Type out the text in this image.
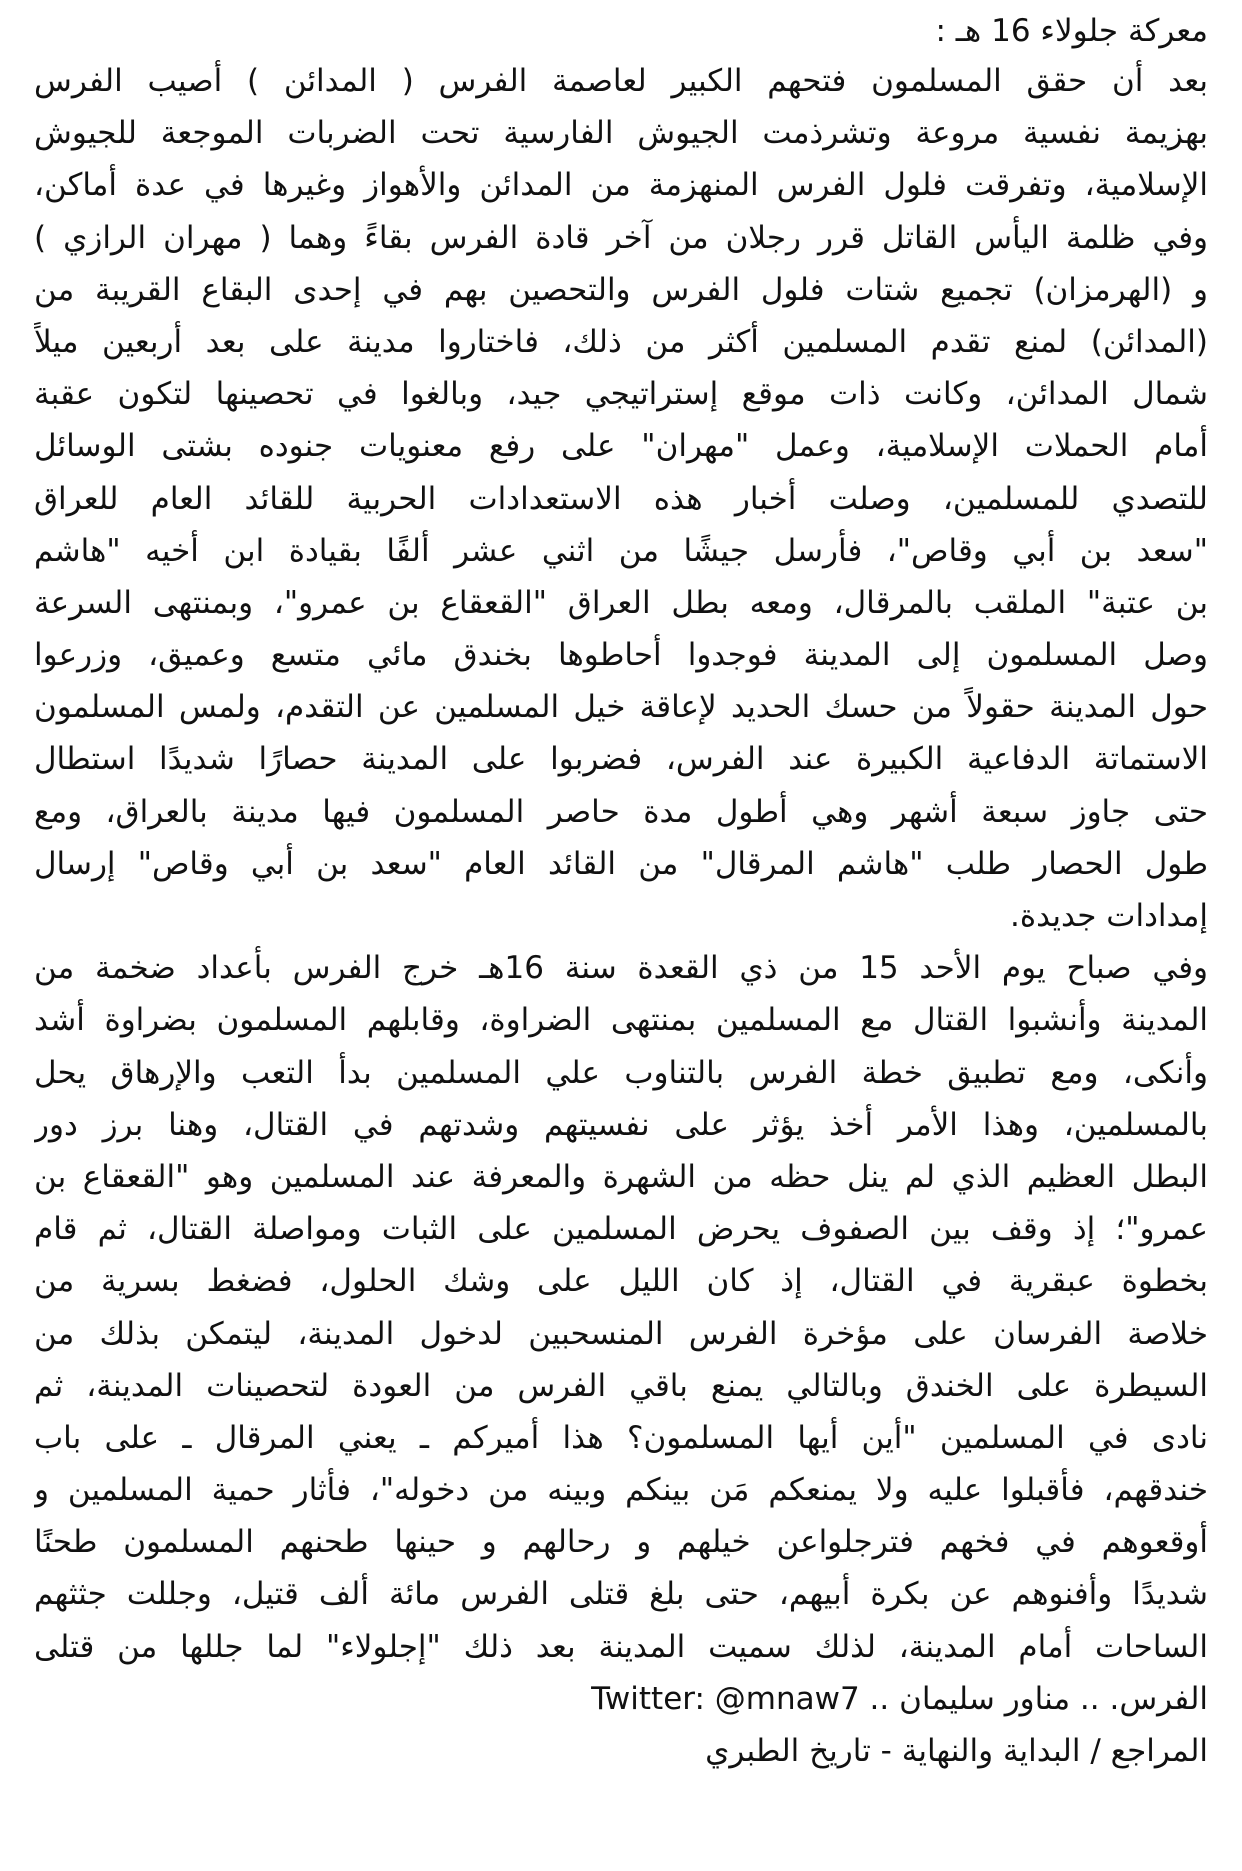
معركة جلولاء 16 هـ :
بعد أن حقق المسلمون فتحهم الكبير لعاصمة الفرس ( المدائن ) أصيب الفرس
بهزيمة نفسية مروعة وتشرذمت الجيوش الفارسية تحت الضربات الموجعة للجيوش
الإسلامية، وتفرقت فلول الفرس المنهزمة من المدائن والأهواز وغيرها في عدة أماكن،
وفي ظلمة اليأس القاتل قرر رجلان من آخر قادة الفرس بقاءً وهما ( مهران الرازي )
و (الهرمزان) تجميع شتات فلول الفرس والتحصين بهم في إحدى البقاع القريبة من
(المدائن) لمنع تقدم المسلمين أكثر من ذلك، فاختاروا مدينة على بعد أربعين ميلاً
شمال المدائن، وكانت ذات موقع إستراتيجي جيد، وبالغوا في تحصينها لتكون عقبة
أمام الحملات الإسلامية، وعمل "مهران" على رفع معنويات جنوده بشتى الوسائل
للتصدي للمسلمين، وصلت أخبار هذه الاستعدادات الحربية للقائد العام للعراق
"سعد بن أبي وقاص"، فأرسل جيشًا من اثني عشر ألفًا بقيادة ابن أخيه "هاشم
بن عتبة" الملقب بالمرقال، ومعه بطل العراق "القعقاع بن عمرو"، وبمنتهى السرعة
وصل المسلمون إلى المدينة فوجدوا أحاطوها بخندق مائي متسع وعميق، وزرعوا
حول المدينة حقولاً من حسك الحديد لإعاقة خيل المسلمين عن التقدم، ولمس المسلمون
الاستماتة الدفاعية الكبيرة عند الفرس، فضربوا على المدينة حصارًا شديدًا استطال
حتى جاوز سبعة أشهر وهي أطول مدة حاصر المسلمون فيها مدينة بالعراق، ومع
طول الحصار طلب "هاشم المرقال" من القائد العام "سعد بن أبي وقاص" إرسال
إمدادات جديدة.
وفي صباح يوم الأحد 15 من ذي القعدة سنة 16هـ خرج الفرس بأعداد ضخمة من
المدينة وأنشبوا القتال مع المسلمين بمنتهى الضراوة، وقابلهم المسلمون بضراوة أشد
وأنكى، ومع تطبيق خطة الفرس بالتناوب علي المسلمين بدأ التعب والإرهاق يحل
بالمسلمين، وهذا الأمر أخذ يؤثر على نفسيتهم وشدتهم في القتال، وهنا برز دور
البطل العظيم الذي لم ينل حظه من الشهرة والمعرفة عند المسلمين وهو "القعقاع بن
عمرو"؛ إذ وقف بين الصفوف يحرض المسلمين على الثبات ومواصلة القتال، ثم قام
بخطوة عبقرية في القتال، إذ كان الليل على وشك الحلول، فضغط بسرية من
خلاصة الفرسان على مؤخرة الفرس المنسحبين لدخول المدينة، ليتمكن بذلك من
السيطرة على الخندق وبالتالي يمنع باقي الفرس من العودة لتحصينات المدينة، ثم
نادى في المسلمين "أين أيها المسلمون؟ هذا أميركم ـ يعني المرقال ـ على باب
خندقهم، فأقبلوا عليه ولا يمنعكم مَن بينكم وبينه من دخوله"، فأثار حمية المسلمين و
أوقعوهم في فخهم فترجلواعن خيلهم و رحالهم و حينها طحنهم المسلمون طحنًا
شديدًا وأفنوهم عن بكرة أبيهم، حتى بلغ قتلى الفرس مائة ألف قتيل، وجللت جثثهم
الساحات أمام المدينة، لذلك سميت المدينة بعد ذلك "إجلولاء" لما جللها من قتلى
الفرس. .. مناور سليمان .. Twitter: @mnaw7
المراجع / البداية والنهاية - تاريخ الطبري
